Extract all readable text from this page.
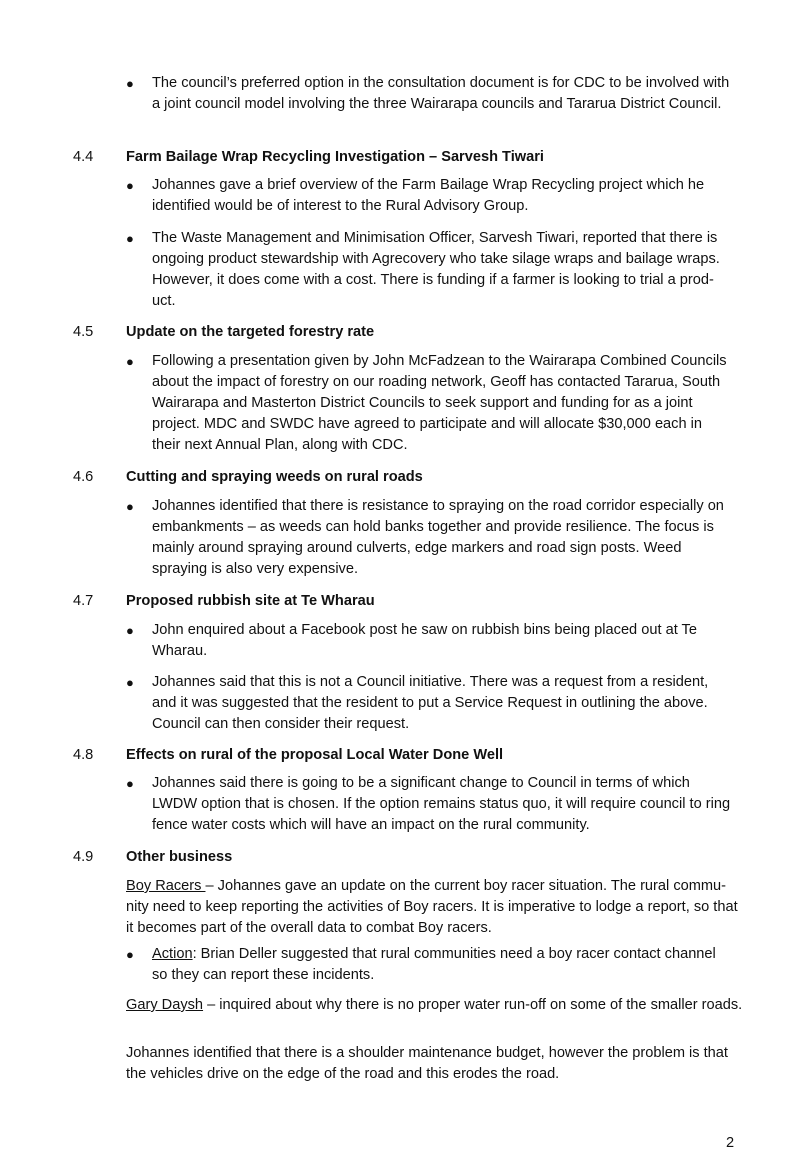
● The council’s preferred option in the consultation document is for CDC to be involved with a joint council model involving the three Wairarapa councils and Tararua District Council.
4.4 Farm Bailage Wrap Recycling Investigation – Sarvesh Tiwari
● Johannes gave a brief overview of the Farm Bailage Wrap Recycling project which he identified would be of interest to the Rural Advisory Group.
● The Waste Management and Minimisation Officer, Sarvesh Tiwari, reported that there is ongoing product stewardship with Agrecovery who take silage wraps and bailage wraps. However, it does come with a cost. There is funding if a farmer is looking to trial a prod-uct.
4.5 Update on the targeted forestry rate
● Following a presentation given by John McFadzean to the Wairarapa Combined Councils about the impact of forestry on our roading network, Geoff has contacted Tararua, South Wairarapa and Masterton District Councils to seek support and funding for as a joint project. MDC and SWDC have agreed to participate and will allocate $30,000 each in their next Annual Plan, along with CDC.
4.6 Cutting and spraying weeds on rural roads
● Johannes identified that there is resistance to spraying on the road corridor especially on embankments – as weeds can hold banks together and provide resilience. The focus is mainly around spraying around culverts, edge markers and road sign posts. Weed spraying is also very expensive.
4.7 Proposed rubbish site at Te Wharau
● John enquired about a Facebook post he saw on rubbish bins being placed out at Te Wharau.
● Johannes said that this is not a Council initiative. There was a request from a resident, and it was suggested that the resident to put a Service Request in outlining the above. Council can then consider their request.
4.8 Effects on rural of the proposal Local Water Done Well
● Johannes said there is going to be a significant change to Council in terms of which LWDW option that is chosen. If the option remains status quo, it will require council to ring fence water costs which will have an impact on the rural community.
4.9 Other business
Boy Racers – Johannes gave an update on the current boy racer situation. The rural commu-nity need to keep reporting the activities of Boy racers. It is imperative to lodge a report, so that it becomes part of the overall data to combat Boy racers.
● Action: Brian Deller suggested that rural communities need a boy racer contact channel so they can report these incidents.
Gary Daysh – inquired about why there is no proper water run-off on some of the smaller roads.
Johannes identified that there is a shoulder maintenance budget, however the problem is that the vehicles drive on the edge of the road and this erodes the road.
2
